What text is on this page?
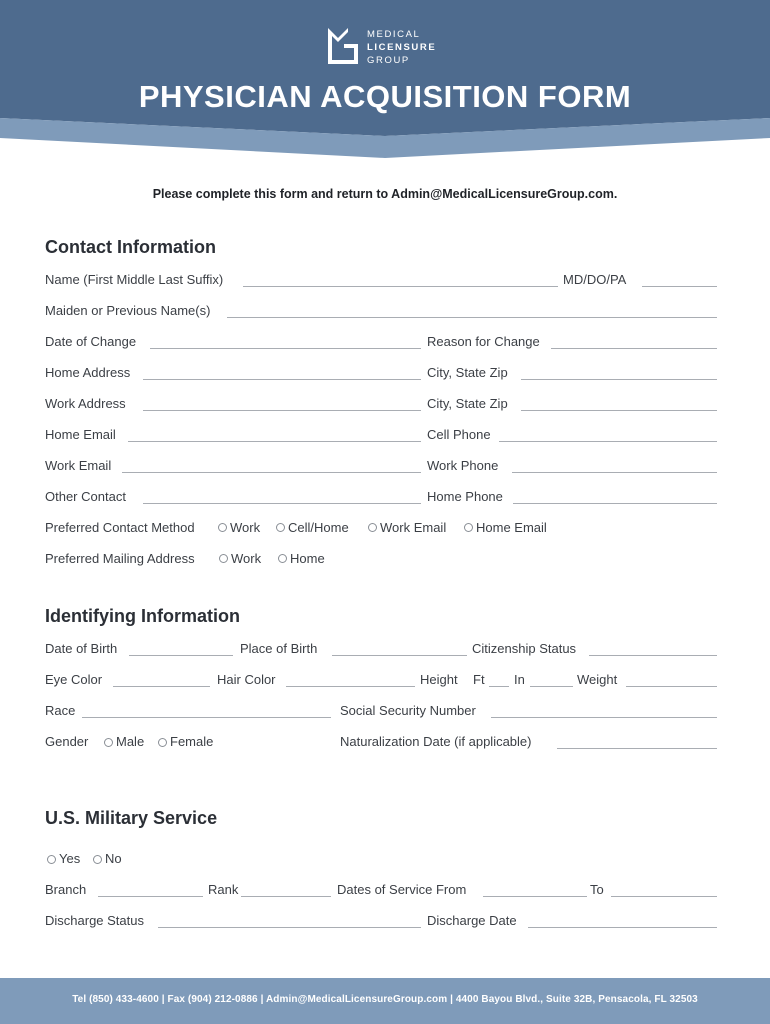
MEDICAL
LICENSURE
GROUP
PHYSICIAN ACQUISITION FORM
Please complete this form and return to Admin@MedicalLicensureGroup.com.
Contact Information
Name (First Middle Last Suffix)	MD/DO/PA
Maiden or Previous Name(s)
Date of Change	Reason for Change
Home Address	City, State Zip
Work Address	City, State Zip
Home Email	Cell Phone
Work Email	Work Phone
Other Contact	Home Phone
Preferred Contact Method	Work Cell/Home Work Email Home Email
Preferred Mailing Address	Work Home
Identifying Information
Date of Birth	Place of Birth	Citizenship Status
Eye Color	Hair Color	Height Ft In	Weight
Race	Social Security Number
Gender Male Female	Naturalization Date (if applicable)
U.S. Military Service
Yes No
Branch	Rank	Dates of Service From	To
Discharge Status	Discharge Date
Tel (850) 433-4600 | Fax (904) 212-0886 | Admin@MedicalLicensureGroup.com | 4400 Bayou Blvd., Suite 32B, Pensacola, FL 32503
